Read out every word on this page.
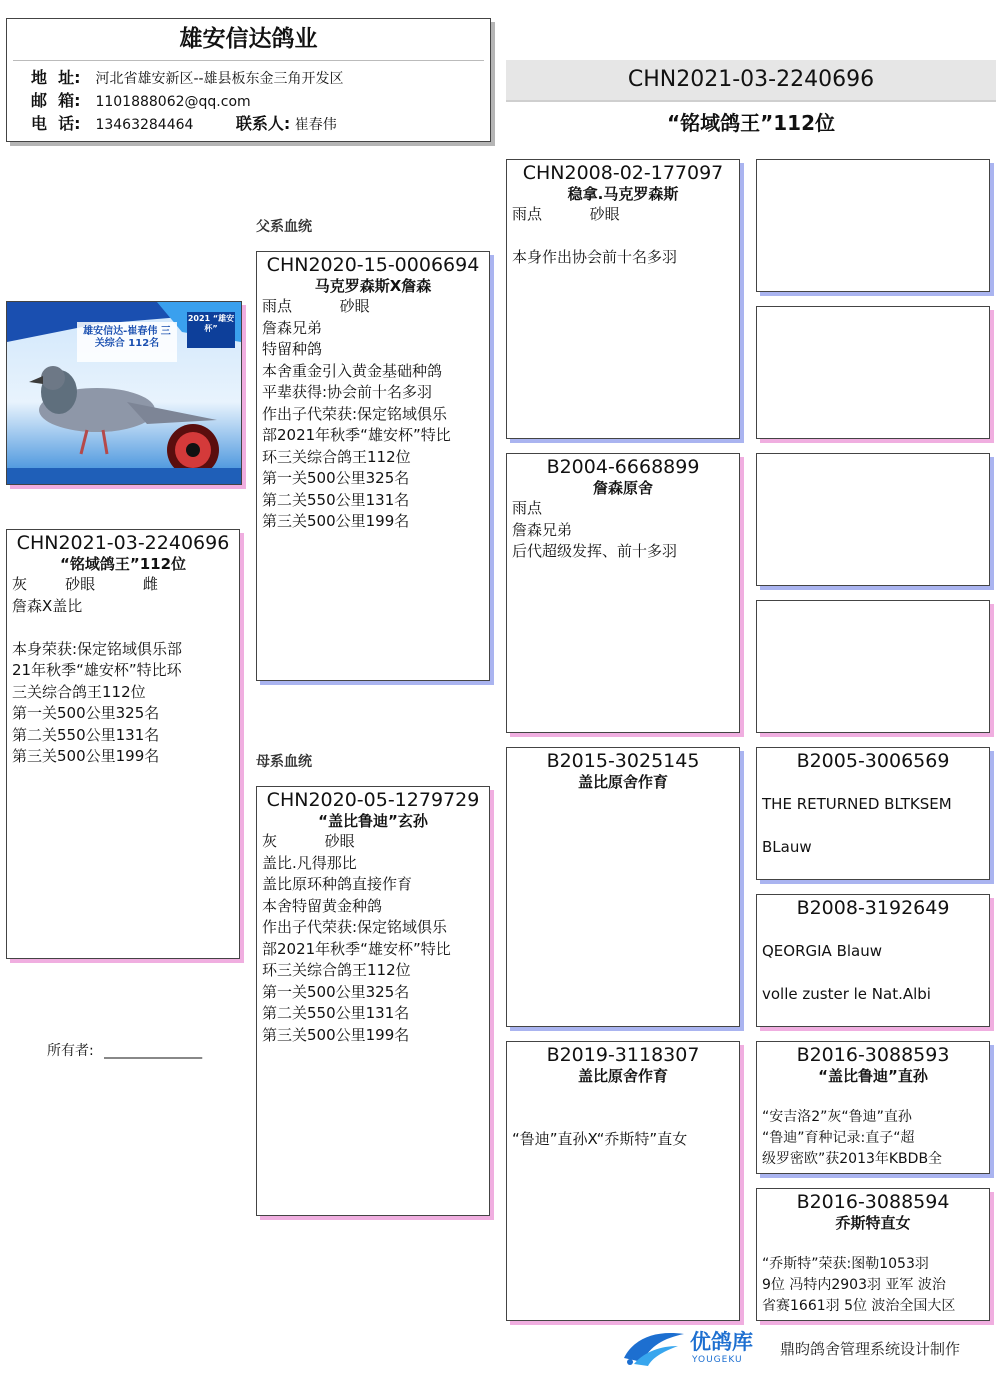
雄安信达鸽业
地  址: 河北省雄安新区--雄县板东金三角开发区
邮  箱: 1101888062@qq.com
电  话: 13463284464	联系人: 崔春伟
CHN2021-03-2240696
“铭域鸽王”112位
父系血统
母系血统
雄安信达-崔春伟 三关综合 112名
2021 “雄安杯”
CHN2021-03-2240696
“铭域鸽王”112位
灰        砂眼          雌
詹森X盖比

本身荣获:保定铭域俱乐部
21年秋季“雄安杯”特比环
三关综合鸽王112位
第一关500公里325名
第二关550公里131名
第三关500公里199名
所有者: ______________
CHN2020-15-0006694
马克罗森斯X詹森
雨点          砂眼
詹森兄弟
特留种鸽
本舍重金引入黄金基础种鸽
平辈获得:协会前十名多羽
作出子代荣获:保定铭域俱乐
部2021年秋季“雄安杯”特比
环三关综合鸽王112位
第一关500公里325名
第二关550公里131名
第三关500公里199名
CHN2020-05-1279729
“盖比鲁迪”玄孙
灰          砂眼
盖比.凡得那比
盖比原环种鸽直接作育
本舍特留黄金种鸽
作出子代荣获:保定铭域俱乐
部2021年秋季“雄安杯”特比
环三关综合鸽王112位
第一关500公里325名
第二关550公里131名
第三关500公里199名
CHN2008-02-177097
稳拿.马克罗森斯
雨点          砂眼

本身作出协会前十名多羽
B2004-6668899
詹森原舍
雨点
詹森兄弟
后代超级发挥、前十多羽
B2015-3025145
盖比原舍作育
B2019-3118307
盖比原舍作育

“鲁迪”直孙X“乔斯特”直女
B2005-3006569

THE RETURNED BLTKSEM

BLauw
B2008-3192649

QEORGIA Blauw

volle zuster le Nat.Albi
B2016-3088593
“盖比鲁迪”直孙

“安吉洛2”灰“鲁迪”直孙
“鲁迪”育种记录:直子“超
级罗密欧”获2013年KBDB全
B2016-3088594
乔斯特直女

“乔斯特”荣获:图勒1053羽
9位 冯特内2903羽 亚军 波治
省赛1661羽 5位 波治全国大区
优鸽库
YOUGEKU
鼎昀鸽舍管理系统设计制作
